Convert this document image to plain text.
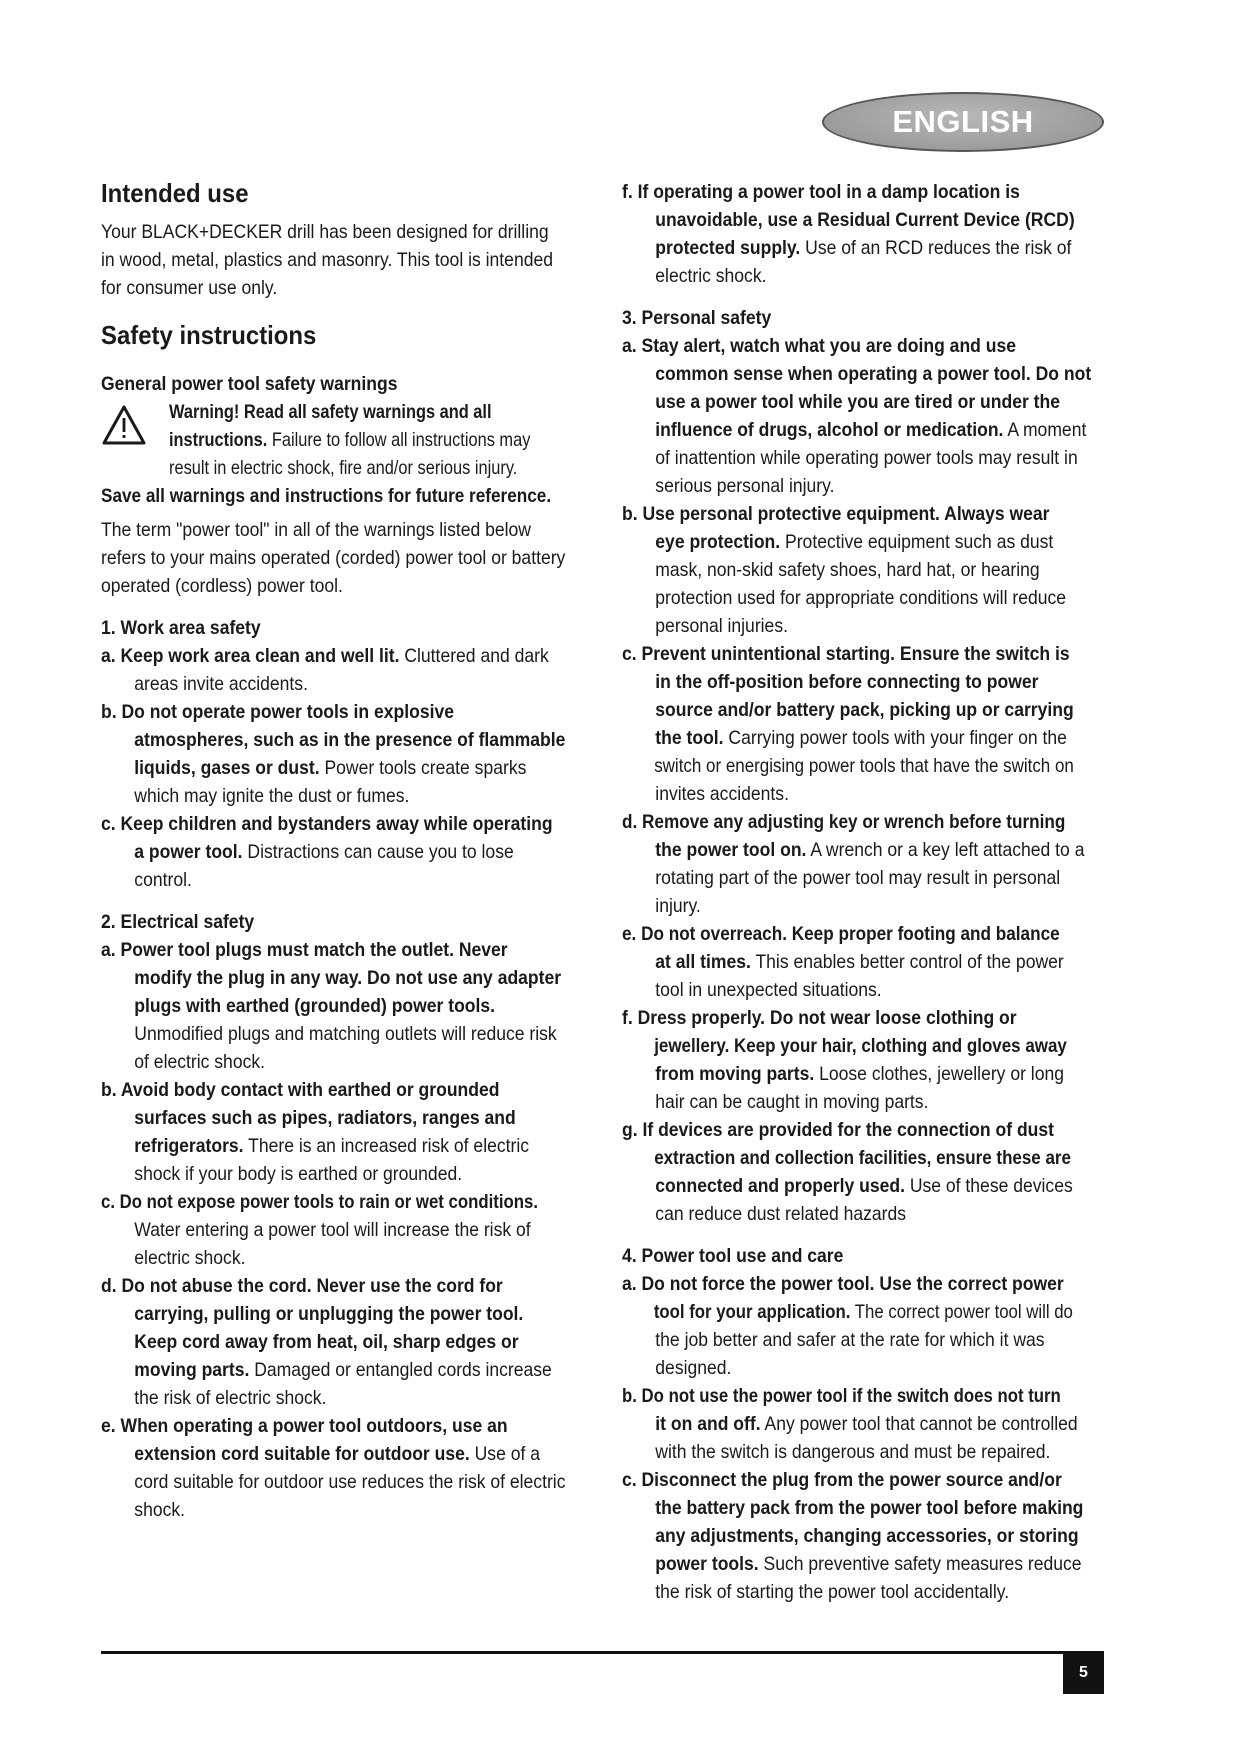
ENGLISH
Intended use

Your BLACK+DECKER drill has been designed for drilling
in wood, metal, plastics and masonry. This tool is intended
for consumer use only.

Safety instructions
General power tool safety warnings

Warning! Read all safety warnings and all

instructions. Failure to follow all instructions may

result in electric shock, fire and/or serious injury.

Save all warnings and instructions for future reference.

The term "power tool" in all of the warnings listed below
refers to your mains operated (corded) power tool or battery
operated (cordless) power tool.

1. Work area safety
a. Keep work area clean and well lit. Cluttered and dark
areas invite accidents.
b. Do not operate power tools in explosive
atmospheres, such as in the presence of flammable
liquids, gases or dust. Power tools create sparks
which may ignite the dust or fumes.
c. Keep children and bystanders away while operating
a power tool. Distractions can cause you to lose
control.
2. Electrical safety
a. Power tool plugs must match the outlet. Never
modify the plug in any way. Do not use any adapter
plugs with earthed (grounded) power tools.
Unmodified plugs and matching outlets will reduce risk
of electric shock.
b. Avoid body contact with earthed or grounded
surfaces such as pipes, radiators, ranges and
refrigerators. There is an increased risk of electric
shock if your body is earthed or grounded.
c. Do not expose power tools to rain or wet conditions.
Water entering a power tool will increase the risk of
electric shock.
d. Do not abuse the cord. Never use the cord for
carrying, pulling or unplugging the power tool.
Keep cord away from heat, oil, sharp edges or
moving parts. Damaged or entangled cords increase
the risk of electric shock.
e. When operating a power tool outdoors, use an
extension cord suitable for outdoor use. Use of a
cord suitable for outdoor use reduces the risk of electric
shock.
f. If operating a power tool in a damp location is
unavoidable, use a Residual Current Device (RCD)
protected supply. Use of an RCD reduces the risk of
electric shock.
3. Personal safety
a. Stay alert, watch what you are doing and use
common sense when operating a power tool. Do not
use a power tool while you are tired or under the
influence of drugs, alcohol or medication. A moment
of inattention while operating power tools may result in
serious personal injury.
b. Use personal protective equipment. Always wear
eye protection. Protective equipment such as dust
mask, non-skid safety shoes, hard hat, or hearing
protection used for appropriate conditions will reduce
personal injuries.
c. Prevent unintentional starting. Ensure the switch is
in the off-position before connecting to power
source and/or battery pack, picking up or carrying
the tool. Carrying power tools with your finger on the
switch or energising power tools that have the switch on
invites accidents.
d. Remove any adjusting key or wrench before turning
the power tool on. A wrench or a key left attached to a
rotating part of the power tool may result in personal
injury.
e. Do not overreach. Keep proper footing and balance
at all times. This enables better control of the power
tool in unexpected situations.
f. Dress properly. Do not wear loose clothing or
jewellery. Keep your hair, clothing and gloves away
from moving parts. Loose clothes, jewellery or long
hair can be caught in moving parts.
g. If devices are provided for the connection of dust
extraction and collection facilities, ensure these are
connected and properly used. Use of these devices
can reduce dust related hazards
4. Power tool use and care
a. Do not force the power tool. Use the correct power
tool for your application. The correct power tool will do
the job better and safer at the rate for which it was
designed.
b. Do not use the power tool if the switch does not turn
it on and off. Any power tool that cannot be controlled
with the switch is dangerous and must be repaired.
c. Disconnect the plug from the power source and/or
the battery pack from the power tool before making
any adjustments, changing accessories, or storing
power tools. Such preventive safety measures reduce
the risk of starting the power tool accidentally.
5
